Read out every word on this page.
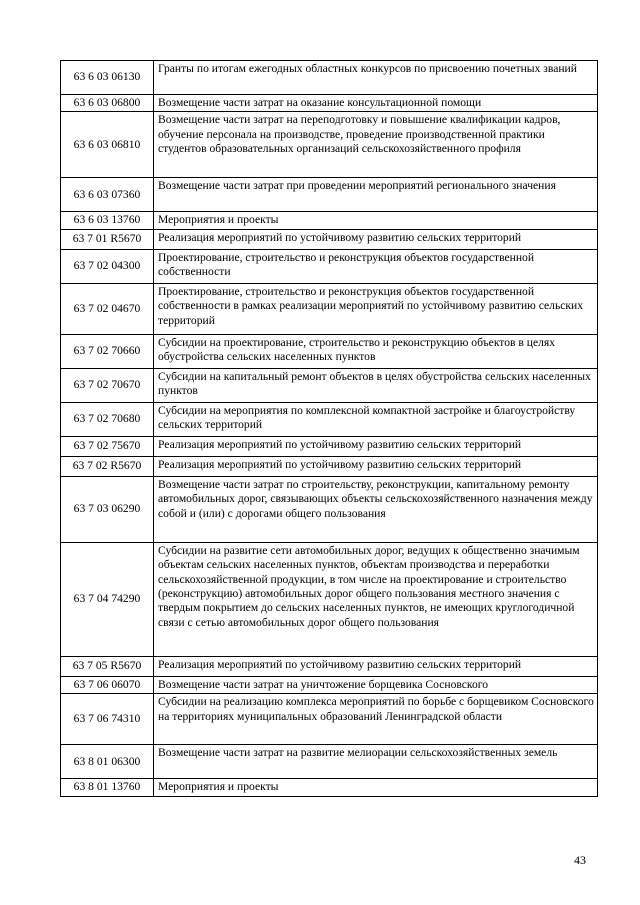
63 6 03 06130	Гранты по итогам ежегодных областных конкурсов по присвоению почетных званий
63 6 03 06800	Возмещение части затрат на оказание консультационной помощи
63 6 03 06810	Возмещение части затрат на переподготовку и повышение квалификации кадров, обучение персонала на производстве, проведение производственной практики студентов образовательных организаций сельскохозяйственного профиля
63 6 03 07360	Возмещение части затрат при проведении мероприятий регионального значения
63 6 03 13760	Мероприятия и проекты
63 7 01 R5670	Реализация мероприятий по устойчивому развитию сельских территорий
63 7 02 04300	Проектирование, строительство и реконструкция объектов государственной собственности
63 7 02 04670	Проектирование, строительство и реконструкция объектов государственной собственности в рамках реализации мероприятий по устойчивому развитию сельских территорий
63 7 02 70660	Субсидии на проектирование, строительство и реконструкцию объектов в целях обустройства сельских населенных пунктов
63 7 02 70670	Субсидии на капитальный ремонт объектов в целях обустройства сельских населенных пунктов
63 7 02 70680	Субсидии на мероприятия по комплексной компактной застройке и благоустройству сельских территорий
63 7 02 75670	Реализация мероприятий по устойчивому развитию сельских территорий
63 7 02 R5670	Реализация мероприятий по устойчивому развитию сельских территорий
63 7 03 06290	Возмещение части затрат по строительству, реконструкции, капитальному ремонту автомобильных дорог, связывающих объекты сельскохозяйственного назначения между собой и (или) с дорогами общего пользования
63 7 04 74290	Субсидии на развитие сети автомобильных дорог, ведущих к общественно значимым объектам сельских населенных пунктов, объектам производства и переработки сельскохозяйственной продукции, в том числе на проектирование и строительство (реконструкцию) автомобильных дорог общего пользования местного значения с твердым покрытием до сельских населенных пунктов, не имеющих круглогодичной связи с сетью автомобильных дорог общего пользования
63 7 05 R5670	Реализация мероприятий по устойчивому развитию сельских территорий
63 7 06 06070	Возмещение части затрат на уничтожение борщевика Сосновского
63 7 06 74310	Субсидии на реализацию комплекса мероприятий по борьбе с борщевиком Сосновского на территориях муниципальных образований Ленинградской области
63 8 01 06300	Возмещение части затрат на развитие мелиорации сельскохозяйственных земель
63 8 01 13760	Мероприятия и проекты
43
